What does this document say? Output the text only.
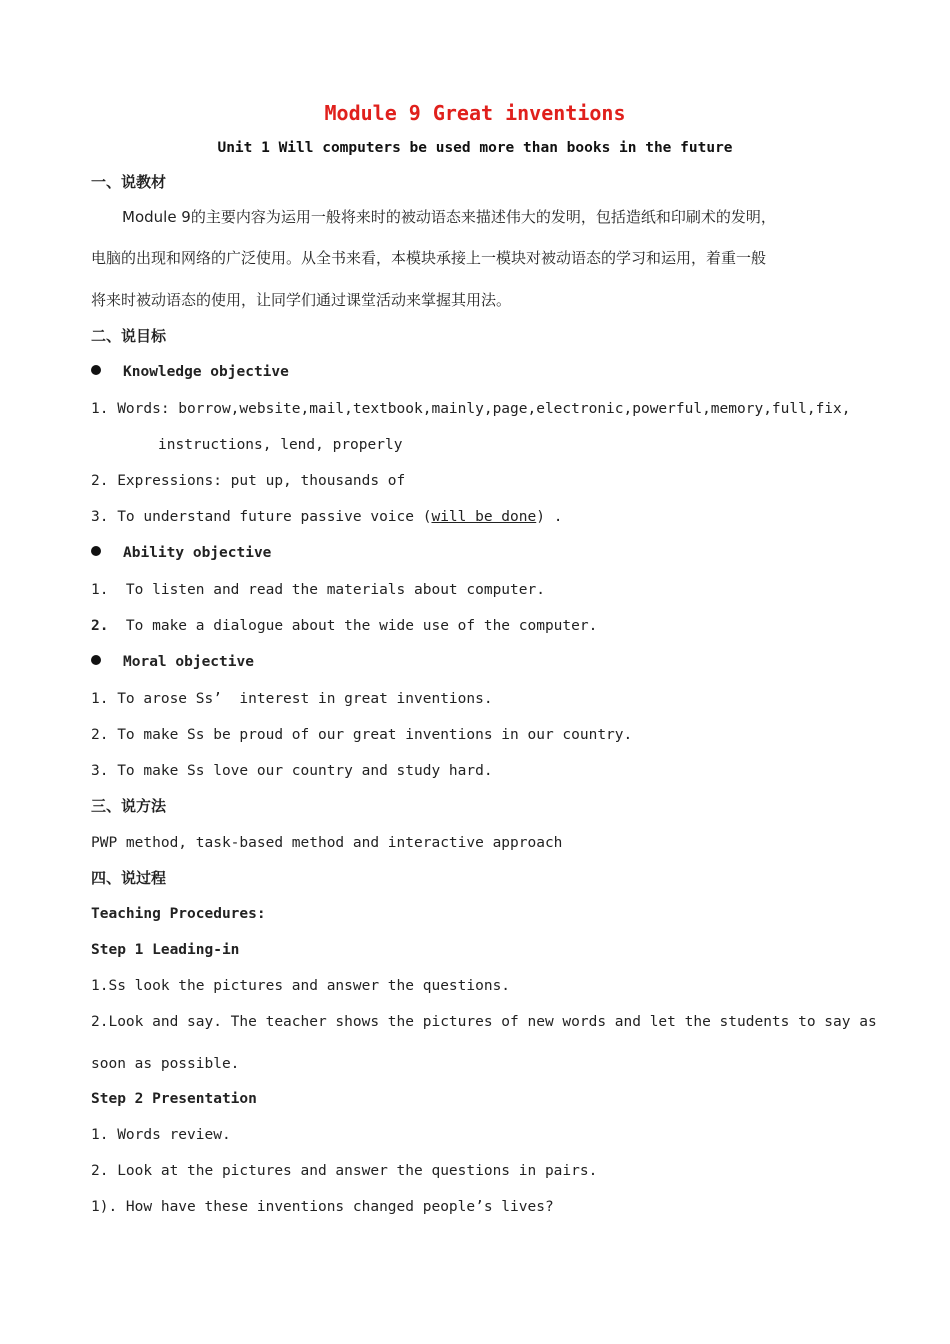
Module 9 Great inventions
Unit 1 Will computers be used more than books in the future
一、说教材
Module 9的主要内容为运用一般将来时的被动语态来描述伟大的发明，包括造纸和印刷术的发明，
电脑的出现和网络的广泛使用。从全书来看，本模块承接上一模块对被动语态的学习和运用，着重一般
将来时被动语态的使用，让同学们通过课堂活动来掌握其用法。
二、说目标
Knowledge objective
1. Words: borrow,website,mail,textbook,mainly,page,electronic,powerful,memory,full,fix,
instructions, lend, properly
2. Expressions: put up, thousands of
3. To understand future passive voice (will be done) .
Ability objective
1.  To listen and read the materials about computer.
2.  To make a dialogue about the wide use of the computer.
Moral objective
1. To arose Ss’  interest in great inventions.
2. To make Ss be proud of our great inventions in our country.
3. To make Ss love our country and study hard.
三、说方法
PWP method, task-based method and interactive approach
四、说过程
Teaching Procedures:
Step 1 Leading-in
1.Ss look the pictures and answer the questions.
2.Look and say. The teacher shows the pictures of new words and let the students to say as
soon as possible.
Step 2 Presentation
1. Words review.
2. Look at the pictures and answer the questions in pairs.
1). How have these inventions changed people’s lives?
